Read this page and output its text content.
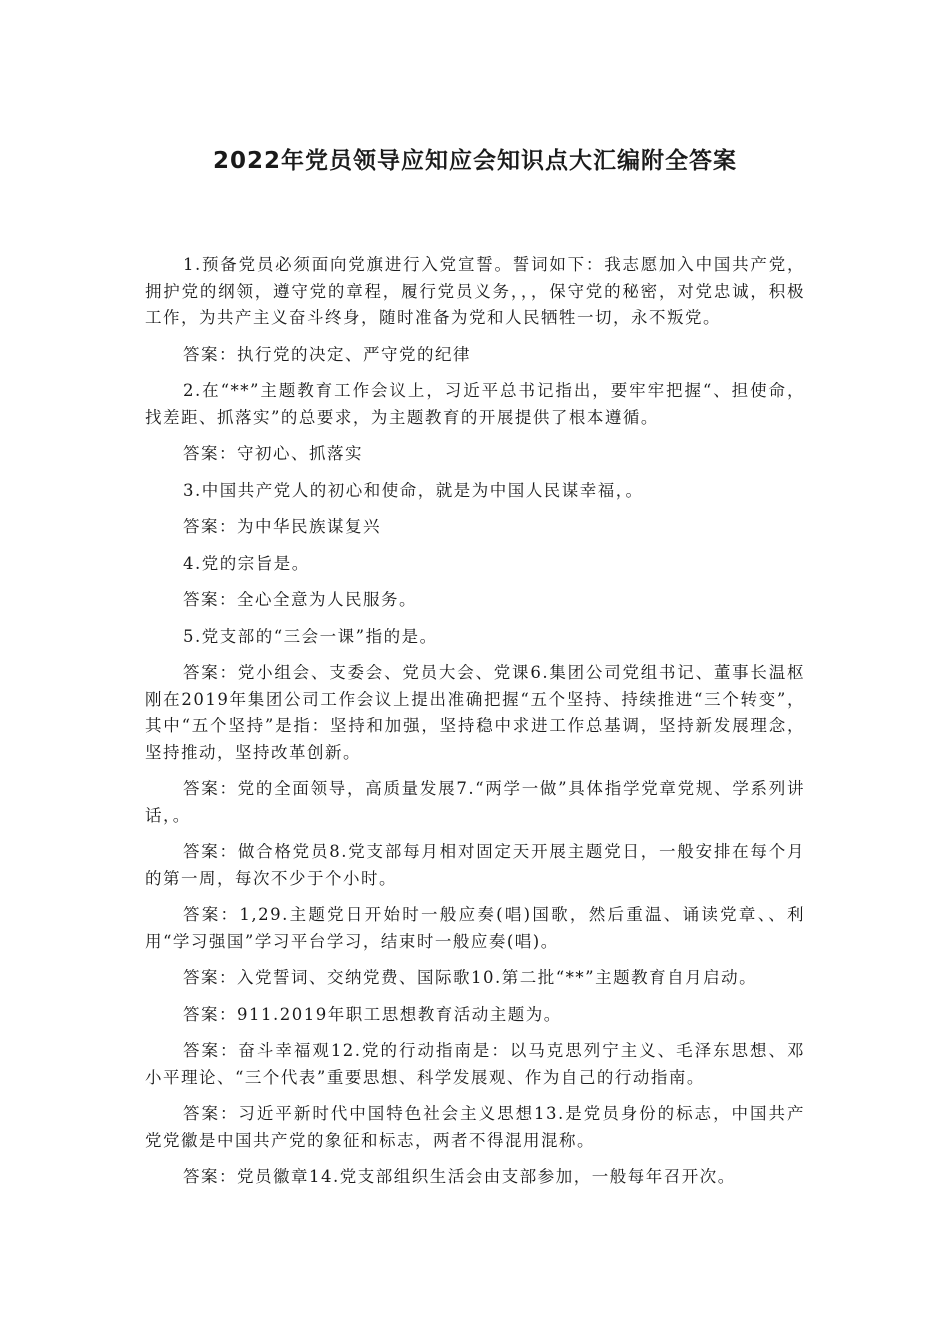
2022年党员领导应知应会知识点大汇编附全答案

1.预备党员必须面向党旗进行入党宣誓。誓词如下：我志愿加入中国共产党，拥护党的纲领，遵守党的章程，履行党员义务，，，保守党的秘密，对党忠诚，积极工作，为共产主义奋斗终身，随时准备为党和人民牺牲一切，永不叛党。

答案：执行党的决定、严守党的纪律

2.在“**”主题教育工作会议上，习近平总书记指出，要牢牢把握“、担使命，找差距、抓落实”的总要求，为主题教育的开展提供了根本遵循。

答案：守初心、抓落实

3.中国共产党人的初心和使命，就是为中国人民谋幸福，。

答案：为中华民族谋复兴

4.党的宗旨是。

答案：全心全意为人民服务。

5.党支部的“三会一课”指的是。

答案：党小组会、支委会、党员大会、党课6.集团公司党组书记、董事长温枢刚在2019年集团公司工作会议上提出准确把握“五个坚持、持续推进“三个转变”，其中“五个坚持”是指：坚持和加强，坚持稳中求进工作总基调，坚持新发展理念，坚持推动，坚持改革创新。

答案：党的全面领导，高质量发展7.“两学一做”具体指学党章党规、学系列讲话，。

答案：做合格党员8.党支部每月相对固定天开展主题党日，一般安排在每个月的第一周，每次不少于个小时。

答案：1,29.主题党日开始时一般应奏(唱)国歌，然后重温、诵读党章、、利用“学习强国”学习平台学习，结束时一般应奏(唱)。

答案：入党誓词、交纳党费、国际歌10.第二批“**”主题教育自月启动。

答案：911.2019年职工思想教育活动主题为。

答案：奋斗幸福观12.党的行动指南是：以马克思列宁主义、毛泽东思想、邓小平理论、“三个代表”重要思想、科学发展观、作为自己的行动指南。

答案：习近平新时代中国特色社会主义思想13.是党员身份的标志，中国共产党党徽是中国共产党的象征和标志，两者不得混用混称。

答案：党员徽章14.党支部组织生活会由支部参加，一般每年召开次。
